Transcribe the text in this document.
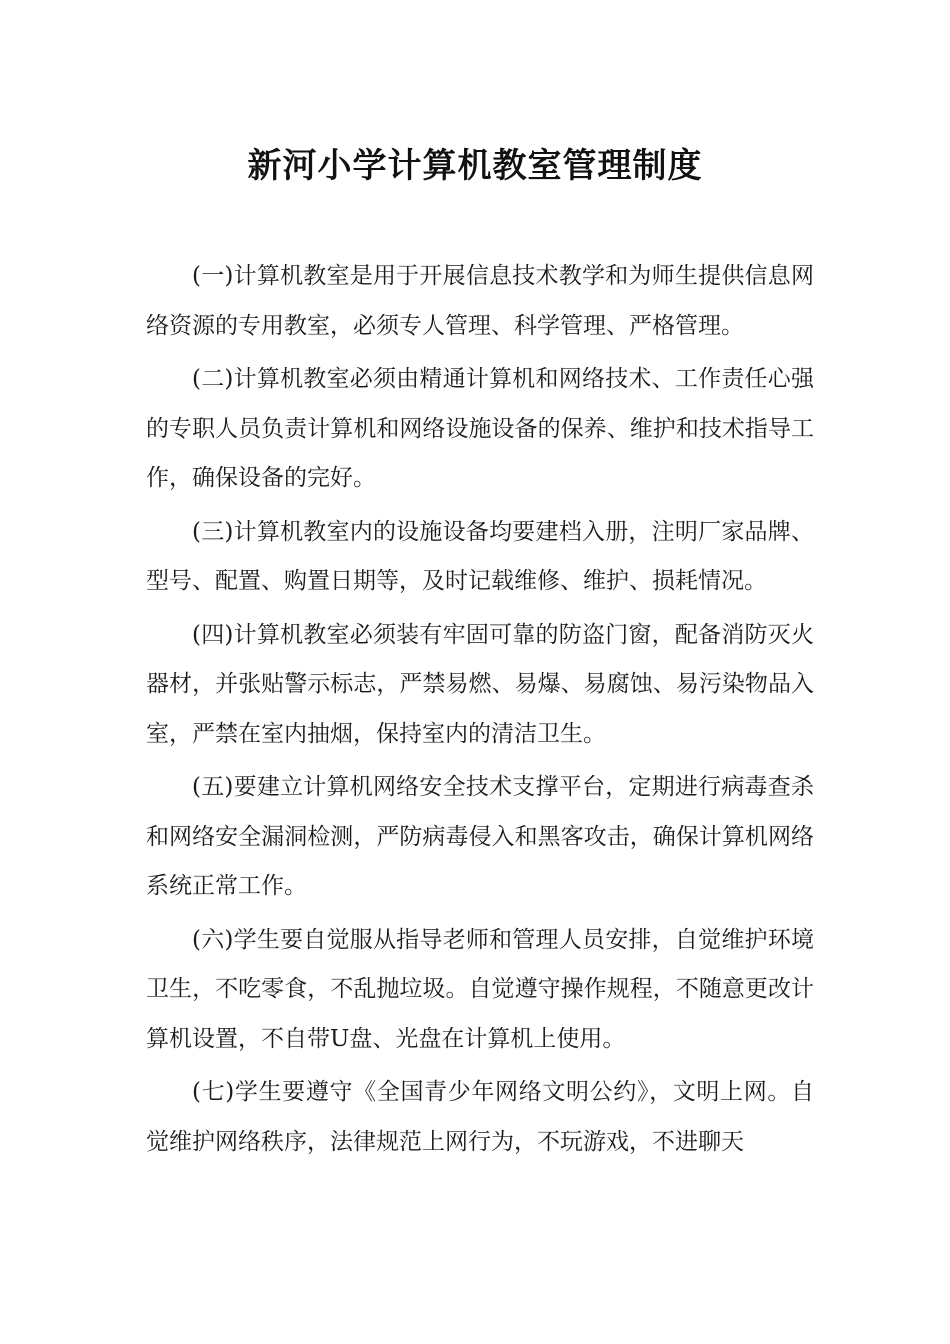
新河小学计算机教室管理制度

(一)计算机教室是用于开展信息技术教学和为师生提供信息网络资源的专用教室，必须专人管理、科学管理、严格管理。

(二)计算机教室必须由精通计算机和网络技术、工作责任心强的专职人员负责计算机和网络设施设备的保养、维护和技术指导工作，确保设备的完好。

(三)计算机教室内的设施设备均要建档入册，注明厂家品牌、型号、配置、购置日期等，及时记载维修、维护、损耗情况。

(四)计算机教室必须装有牢固可靠的防盗门窗，配备消防灭火器材，并张贴警示标志，严禁易燃、易爆、易腐蚀、易污染物品入室，严禁在室内抽烟，保持室内的清洁卫生。

(五)要建立计算机网络安全技术支撑平台，定期进行病毒查杀和网络安全漏洞检测，严防病毒侵入和黑客攻击，确保计算机网络系统正常工作。

(六)学生要自觉服从指导老师和管理人员安排，自觉维护环境卫生，不吃零食，不乱抛垃圾。自觉遵守操作规程，不随意更改计算机设置，不自带U盘、光盘在计算机上使用。

(七)学生要遵守《全国青少年网络文明公约》，文明上网。自觉维护网络秩序，法律规范上网行为，不玩游戏，不进聊天
